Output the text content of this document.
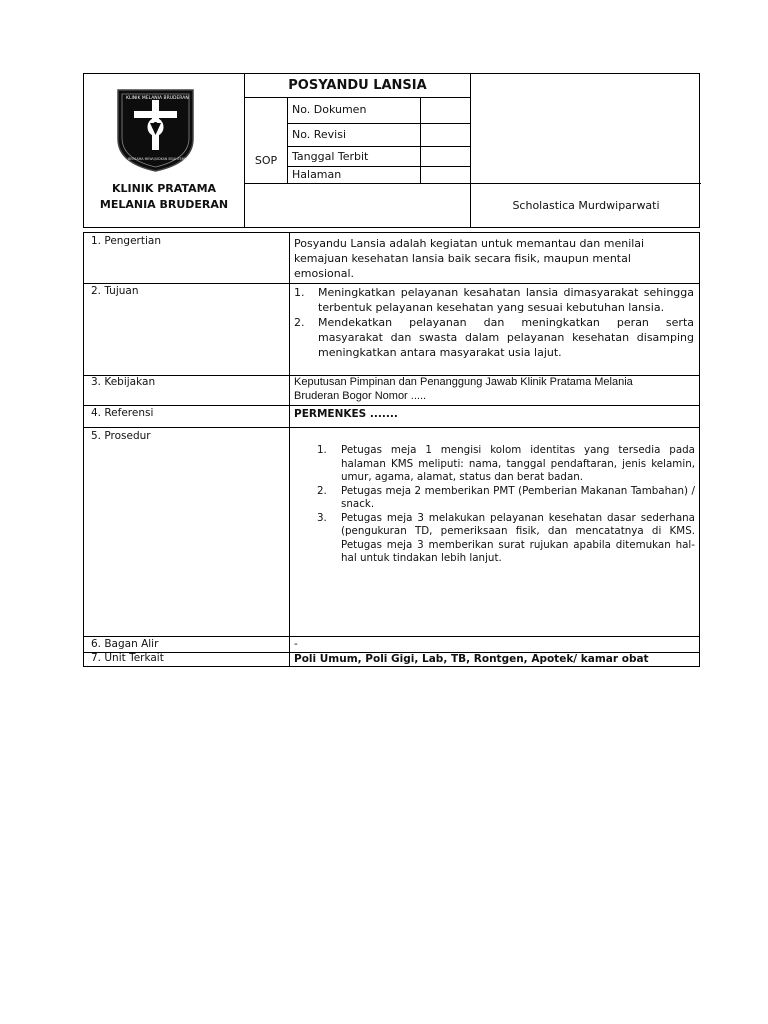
KLINIK MELANIA BRUDERAN
BERSAMA MEWUJUDKAN SEJAHTERA
KLINIK PRATAMA
MELANIA BRUDERAN
POSYANDU LANSIA
SOP
No. Dokumen
No. Revisi
Tanggal Terbit
Halaman
Scholastica Murdwiparwati
1. Pengertian	Posyandu Lansia adalah kegiatan untuk memantau dan menilai kemajuan kesehatan lansia baik secara fisik, maupun mental emosional.
2. Tujuan	1. Meningkatkan pelayanan kesahatan lansia dimasyarakat sehingga terbentuk pelayanan kesehatan yang sesuai kebutuhan lansia.
2. Mendekatkan pelayanan dan meningkatkan peran serta masyarakat dan swasta dalam pelayanan kesehatan disamping meningkatkan antara masyarakat usia lajut.
3. Kebijakan	Keputusan Pimpinan dan Penanggung Jawab Klinik Pratama Melania Bruderan Bogor Nomor .....
4. Referensi	PERMENKES .......
5. Prosedur
1. Petugas meja 1 mengisi kolom identitas yang tersedia pada halaman KMS meliputi: nama, tanggal pendaftaran, jenis kelamin, umur, agama, alamat, status dan berat badan.
2. Petugas meja 2 memberikan PMT (Pemberian Makanan Tambahan) / snack.
3. Petugas meja 3 melakukan pelayanan kesehatan dasar sederhana (pengukuran TD, pemeriksaan fisik, dan mencatatnya di KMS. Petugas meja 3 memberikan surat rujukan apabila ditemukan hal-hal untuk tindakan lebih lanjut.
6. Bagan Alir	-
7. Unit Terkait	Poli Umum, Poli Gigi, Lab, TB, Rontgen, Apotek/ kamar obat
